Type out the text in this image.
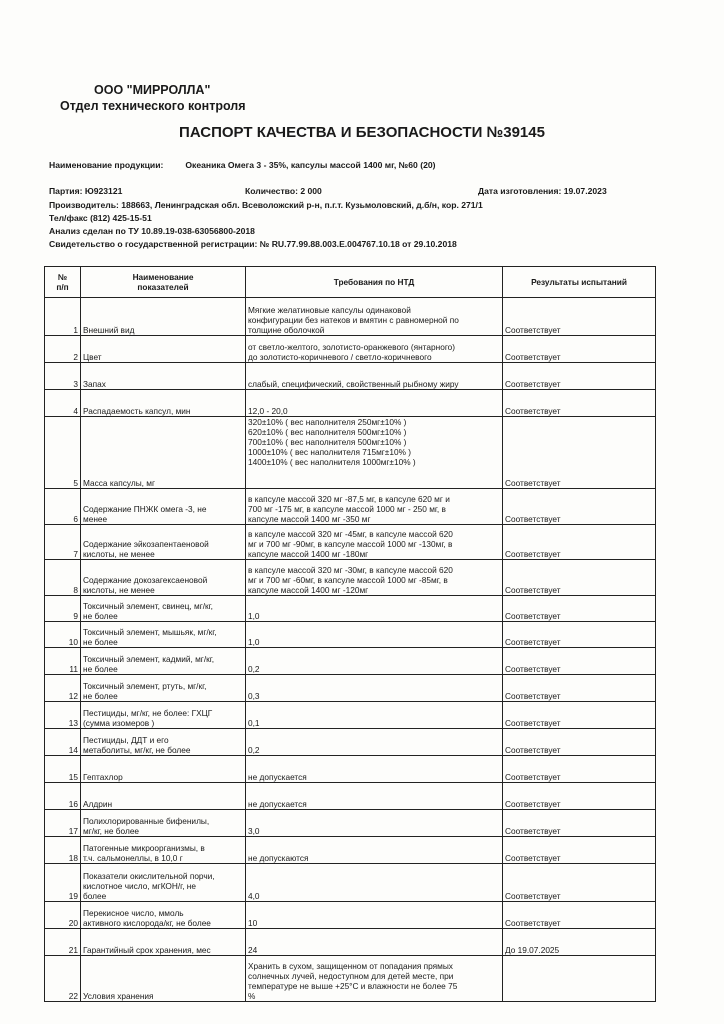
ООО "МИРРОЛЛА"
Отдел технического контроля
ПАСПОРТ КАЧЕСТВА И БЕЗОПАСНОСТИ №39145
Наименование продукции:	Океаника Омега 3 - 35%, капсулы массой 1400 мг, №60 (20)
Партия: Ю923121	Количество: 2 000	Дата изготовления: 19.07.2023
Производитель: 188663, Ленинградская обл. Всеволожский р-н, п.г.т. Кузьмоловский, д.б/н, кор. 271/1
Тел/факс (812) 425-15-51
Анализ сделан по ТУ 10.89.19-038-63056800-2018
Свидетельство о государственной регистрации: № RU.77.99.88.003.Е.004767.10.18 от 29.10.2018
№
п/п	Наименование
показателей	Требования по НТД	Результаты испытаний
1	Внешний вид	Мягкие желатиновые капсулы одинаковой
конфигурации без натеков и вмятин с равномерной по
толщине оболочкой	Соответствует
2	Цвет	от светло-желтого, золотисто-оранжевого (янтарного)
до золотисто-коричневого / светло-коричневого	Соответствует
3	Запах	слабый, специфический, свойственный рыбному жиру	Соответствует
4	Распадаемость капсул, мин	12,0 - 20,0	Соответствует
5	Масса капсулы, мг	320±10% ( вес наполнителя 250мг±10% )
620±10% ( вес наполнителя 500мг±10% )
700±10% ( вес наполнителя 500мг±10% )
1000±10% ( вес наполнителя 715мг±10% )
1400±10% ( вес наполнителя 1000мг±10% )	Соответствует
6	Содержание ПНЖК омега -3, не
менее	в капсуле массой 320 мг -87,5 мг, в капсуле 620 мг и
700 мг -175 мг, в капсуле массой 1000 мг - 250 мг, в
капсуле массой 1400 мг -350 мг	Соответствует
7	Содержание эйкозапентаеновой
кислоты, не менее	в капсуле массой 320 мг -45мг, в капсуле массой 620
мг и 700 мг -90мг, в капсуле массой 1000 мг -130мг, в
капсуле массой 1400 мг -180мг	Соответствует
8	Содержание докозагексаеновой
кислоты, не менее	в капсуле массой 320 мг -30мг, в капсуле массой 620
мг и 700 мг -60мг, в капсуле массой 1000 мг -85мг, в
капсуле массой 1400 мг -120мг	Соответствует
9	Токсичный элемент, свинец, мг/кг,
не более	1,0	Соответствует
10	Токсичный элемент, мышьяк, мг/кг,
не более	1,0	Соответствует
11	Токсичный элемент, кадмий, мг/кг,
не более	0,2	Соответствует
12	Токсичный элемент, ртуть, мг/кг,
не более	0,3	Соответствует
13	Пестициды, мг/кг, не более: ГХЦГ
(сумма изомеров )	0,1	Соответствует
14	Пестициды, ДДТ и его
метаболиты, мг/кг, не более	0,2	Соответствует
15	Гептахлор	не допускается	Соответствует
16	Алдрин	не допускается	Соответствует
17	Полихлорированные бифенилы,
мг/кг, не более	3,0	Соответствует
18	Патогенные микроорганизмы, в
т.ч. сальмонеллы, в 10,0 г	не допускаются	Соответствует
19	Показатели окислительной порчи,
кислотное число, мгКОН/г, не
более	4,0	Соответствует
20	Перекисное число, ммоль
активного кислорода/кг, не более	10	Соответствует
21	Гарантийный срок хранения, мес	24	До 19.07.2025
22	Условия хранения	Хранить в сухом, защищенном от попадания прямых
солнечных лучей, недоступном для детей месте, при
температуре не выше +25°С и влажности не более 75
%	
